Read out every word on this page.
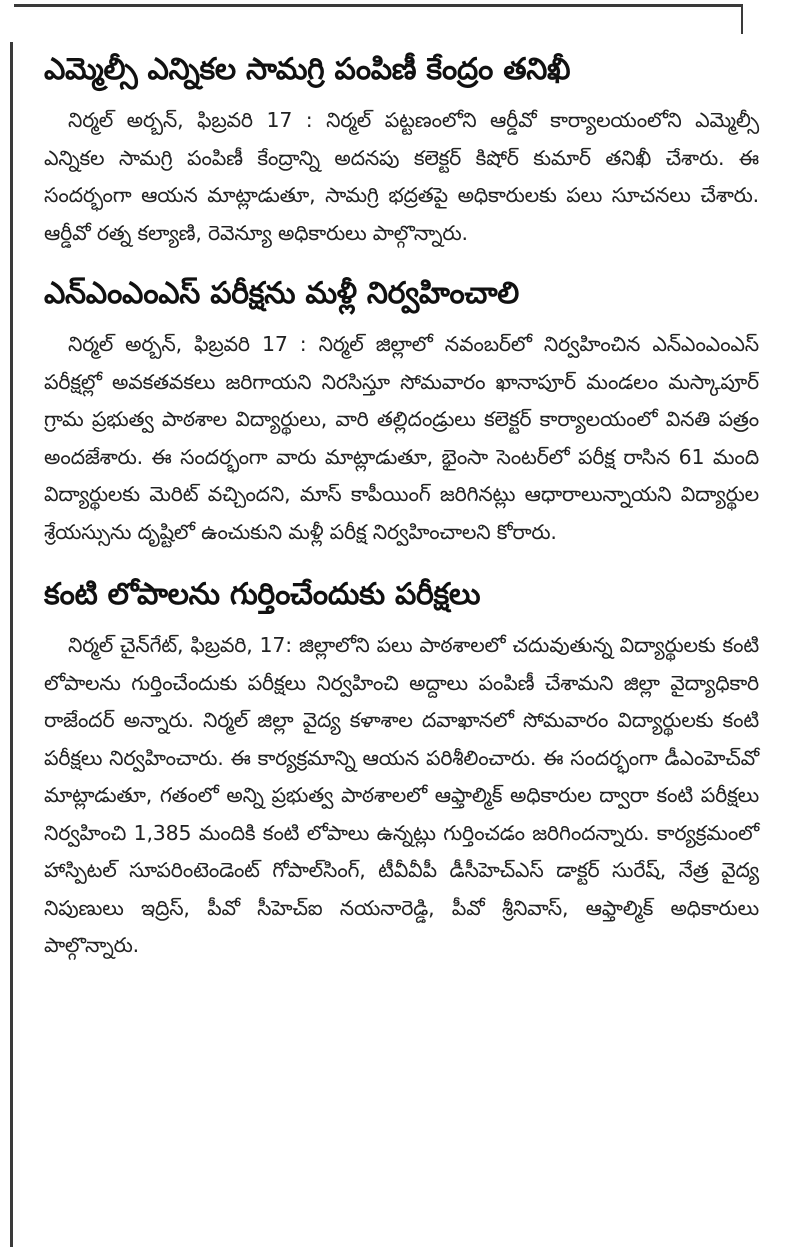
ఎమ్మెల్సీ ఎన్నికల సామగ్రి పంపిణీ కేంద్రం తనిఖీ

నిర్మల్ అర్బన్, ఫిబ్రవరి 17 : నిర్మల్ పట్టణంలోని ఆర్డీవో కార్యాలయంలోని ఎమ్మెల్సీ ఎన్నికల సామగ్రి పంపిణీ కేంద్రాన్ని అదనపు కలెక్టర్ కిషోర్ కుమార్ తనిఖీ చేశారు. ఈ సందర్భంగా ఆయన మాట్లాడుతూ, సామగ్రి భద్రతపై అధికారులకు పలు సూచనలు చేశారు. ఆర్డీవో రత్న కల్యాణి, రెవెన్యూ అధికారులు పాల్గొన్నారు.

ఎన్ఎంఎంఎస్ పరీక్షను మళ్లీ నిర్వహించాలి

నిర్మల్ అర్బన్, ఫిబ్రవరి 17 : నిర్మల్ జిల్లాలో నవంబర్‌లో నిర్వహించిన ఎన్ఎంఎంఎస్ పరీక్షల్లో అవకతవకలు జరిగాయని నిరసిస్తూ సోమవారం ఖానాపూర్ మండలం మస్కాపూర్ గ్రామ ప్రభుత్వ పాఠశాల విద్యార్థులు, వారి తల్లిదండ్రులు కలెక్టర్ కార్యాలయంలో వినతి పత్రం అందజేశారు. ఈ సందర్భంగా వారు మాట్లాడుతూ, భైంసా సెంటర్‌లో పరీక్ష రాసిన 61 మంది విద్యార్థులకు మెరిట్ వచ్చిందని, మాస్ కాపీయింగ్ జరిగినట్లు ఆధారాలున్నాయని విద్యార్థుల శ్రేయస్సును దృష్టిలో ఉంచుకుని మళ్లీ పరీక్ష నిర్వహించాలని కోరారు.

కంటి లోపాలను గుర్తించేందుకు పరీక్షలు

నిర్మల్ చైన్‌గేట్, ఫిబ్రవరి, 17: జిల్లాలోని పలు పాఠశాలలో చదువుతున్న విద్యార్థులకు కంటి లోపాలను గుర్తించేందుకు పరీక్షలు నిర్వహించి అద్దాలు పంపిణీ చేశామని జిల్లా వైద్యాధికారి రాజేందర్ అన్నారు. నిర్మల్ జిల్లా వైద్య కళాశాల దవాఖానలో సోమవారం విద్యార్థులకు కంటి పరీక్షలు నిర్వహించారు. ఈ కార్యక్రమాన్ని ఆయన పరిశీలించారు. ఈ సందర్భంగా డీఎంహెచ్‌వో మాట్లాడుతూ, గతంలో అన్ని ప్రభుత్వ పాఠశాలలో ఆఫ్తాల్మిక్ అధికారుల ద్వారా కంటి పరీక్షలు నిర్వహించి 1,385 మందికి కంటి లోపాలు ఉన్నట్లు గుర్తించడం జరిగిందన్నారు. కార్యక్రమంలో హాస్పిటల్ సూపరింటెండెంట్ గోపాల్‌సింగ్, టీవీవీపీ డీసీహెచ్ఎస్ డాక్టర్ సురేష్, నేత్ర వైద్య నిపుణులు ఇద్రిస్, పీవో సీహెచ్ఐ నయనారెడ్డి, పీవో శ్రీనివాస్, ఆఫ్తాల్మిక్ అధికారులు పాల్గొన్నారు.
